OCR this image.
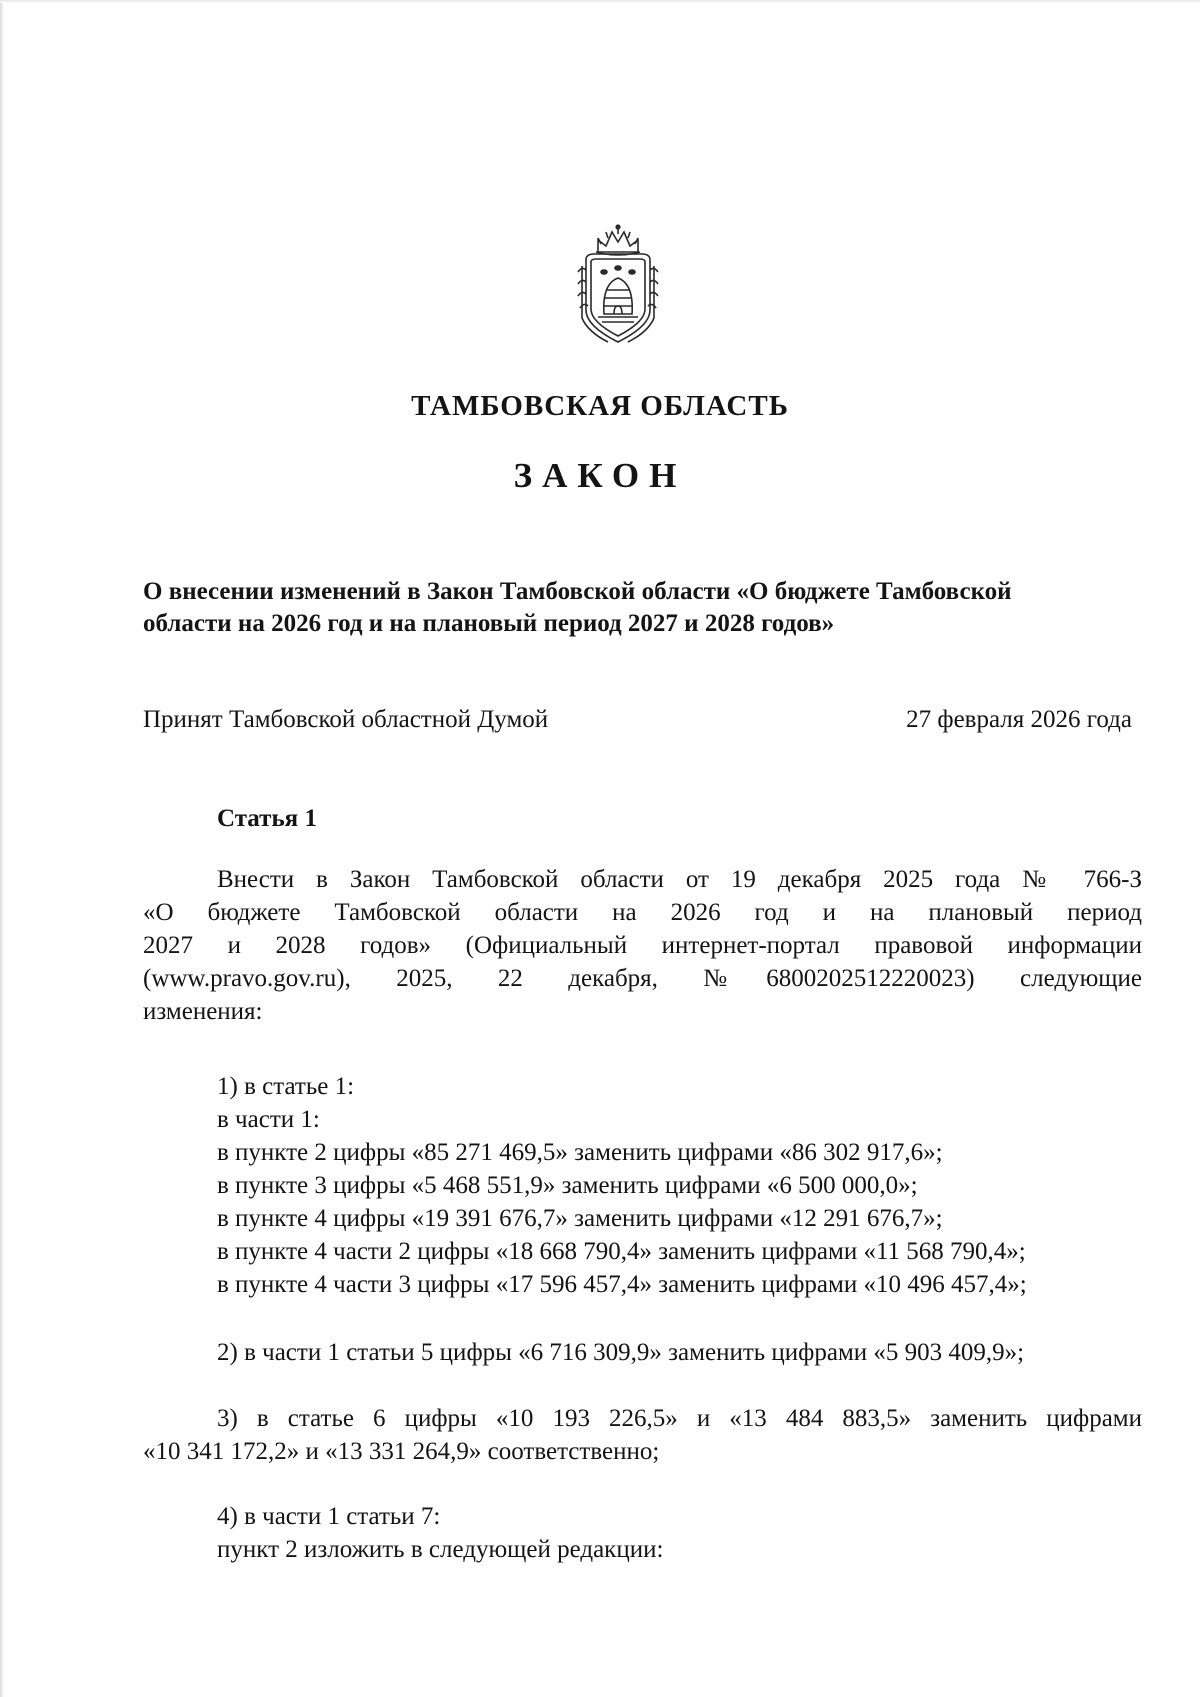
ТАМБОВСКАЯ ОБЛАСТЬ
ЗАКОН
О внесении изменений в Закон Тамбовской области «О бюджете Тамбовской
области на 2026 год и на плановый период 2027 и 2028 годов»
Принят Тамбовской областной Думой	27 февраля 2026 года
Статья 1
Внести в Закон Тамбовской области от 19 декабря 2025 года № 766-З
«О бюджете Тамбовской области на 2026 год и на плановый период
2027 и 2028 годов» (Официальный интернет-портал правовой информации
(www.pravo.gov.ru), 2025, 22 декабря, №6800202512220023) следующие
изменения:
1) в статье 1:
в части 1:
в пункте 2 цифры «85 271 469,5» заменить цифрами «86 302 917,6»;
в пункте 3 цифры «5 468 551,9» заменить цифрами «6 500 000,0»;
в пункте 4 цифры «19 391 676,7» заменить цифрами «12 291 676,7»;
в пункте 4 части 2 цифры «18 668 790,4» заменить цифрами «11 568 790,4»;
в пункте 4 части 3 цифры «17 596 457,4» заменить цифрами «10 496 457,4»;
2) в части 1 статьи 5 цифры «6 716 309,9» заменить цифрами «5 903 409,9»;
3) в статье 6 цифры «10 193 226,5» и «13 484 883,5» заменить цифрами
«10 341 172,2» и «13 331 264,9» соответственно;
4) в части 1 статьи 7:
пункт 2 изложить в следующей редакции:
